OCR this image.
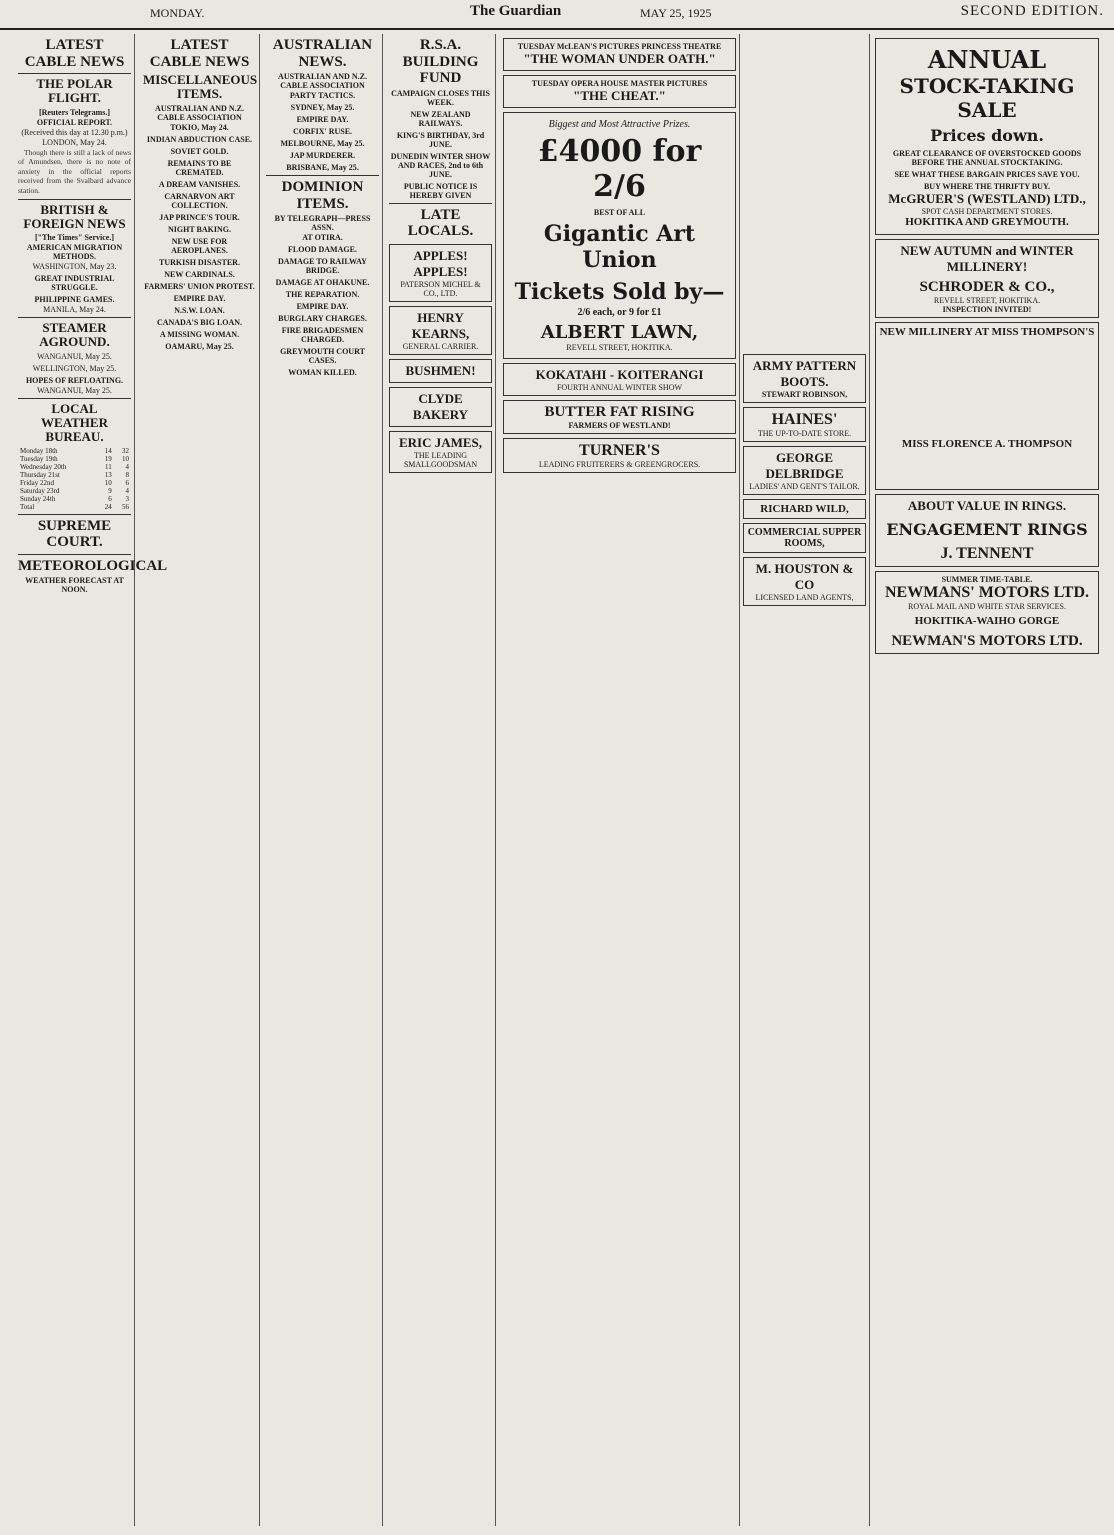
MONDAY.	The Guardian	MAY 25, 1925	SECOND EDITION.
LATEST CABLE NEWS
THE POLAR FLIGHT.
[Reuters Telegrams.]
OFFICIAL REPORT.
(Received this day at 12.30 p.m.)
LONDON, May 24.

Though there is still a lack of news of Amundsen, there is no note of anxiety in the official reports received from the Svalbard advance station.

BRITISH & FOREIGN NEWS
["The Times" Service.]
AMERICAN MIGRATION METHODS.
WASHINGTON, May 23.

GREAT INDUSTRIAL STRUGGLE.

PHILIPPINE GAMES.
MANILA, May 24.

STEAMER AGROUND.
WANGANUI, May 25.

WELLINGTON, May 25.

HOPES OF REFLOATING.
WANGANUI, May 25.

LOCAL WEATHER BUREAU.
Monday 18th	14	32
Tuesday 19th	19	10
Wednesday 20th	11	4
Thursday 21st	13	8
Friday 22nd	10	6
Saturday 23rd	9	4
Sunday 24th	6	3
Total	24	56
SUPREME COURT.

METEOROLOGICAL
WEATHER FORECAST AT NOON.

LATEST CABLE NEWS
MISCELLANEOUS ITEMS.
AUSTRALIAN AND N.Z. CABLE ASSOCIATION
TOKIO, May 24.

INDIAN ABDUCTION CASE.

SOVIET GOLD.

REMAINS TO BE CREMATED.

A DREAM VANISHES.

CARNARVON ART COLLECTION.

JAP PRINCE'S TOUR.

NIGHT BAKING.

NEW USE FOR AEROPLANES.

TURKISH DISASTER.

NEW CARDINALS.

FARMERS' UNION PROTEST.

EMPIRE DAY.

N.S.W. LOAN.

CANADA'S BIG LOAN.

A MISSING WOMAN.

OAMARU, May 25.

AUSTRALIAN NEWS.
AUSTRALIAN AND N.Z. CABLE ASSOCIATION
PARTY TACTICS.

SYDNEY, May 25.

EMPIRE DAY.

CORFIX' RUSE.

MELBOURNE, May 25.

JAP MURDERER.

BRISBANE, May 25.

DOMINION ITEMS.
BY TELEGRAPH—PRESS ASSN.
AT OTIRA.

FLOOD DAMAGE.

DAMAGE TO RAILWAY BRIDGE.

DAMAGE AT OHAKUNE.

THE REPARATION.

EMPIRE DAY.

BURGLARY CHARGES.

FIRE BRIGADESMEN CHARGED.

GREYMOUTH COURT CASES.

WOMAN KILLED.

R.S.A. BUILDING FUND
CAMPAIGN CLOSES THIS WEEK.

NEW ZEALAND RAILWAYS.

KING'S BIRTHDAY, 3rd JUNE.

DUNEDIN WINTER SHOW AND RACES, 2nd to 6th JUNE.

PUBLIC NOTICE IS HEREBY GIVEN

LATE LOCALS.

APPLES! APPLES!
PATERSON MICHEL & CO., LTD.
HENRY KEARNS,
GENERAL CARRIER.
BUSHMEN!
CLYDE BAKERY
ERIC JAMES,
THE LEADING SMALLGOODSMAN
TUESDAY McLEAN'S PICTURES PRINCESS THEATRE
"THE WOMAN UNDER OATH."
TUESDAY OPERA HOUSE MASTER PICTURES
"THE CHEAT."
Biggest and Most Attractive Prizes.
£4000 for 2/6
BEST OF ALL
Gigantic Art Union
Tickets Sold by—
2/6 each, or 9 for £1
ALBERT LAWN,
REVELL STREET, HOKITIKA.
KOKATAHI - KOITERANGI
FOURTH ANNUAL WINTER SHOW

BUTTER FAT RISING
FARMERS OF WESTLAND!

TURNER'S
LEADING FRUITERERS & GREENGROCERS.
ARMY PATTERN BOOTS.
STEWART ROBINSON,
HAINES'
THE UP-TO-DATE STORE.
GEORGE DELBRIDGE
LADIES' AND GENT'S TAILOR.
RICHARD WILD,
COMMERCIAL SUPPER ROOMS,
M. HOUSTON & CO
LICENSED LAND AGENTS,
ANNUAL
STOCK-TAKING SALE
Prices down.
GREAT CLEARANCE OF OVERSTOCKED GOODS BEFORE THE ANNUAL STOCKTAKING.
SEE WHAT THESE BARGAIN PRICES SAVE YOU.

BUY WHERE THE THRIFTY BUY.
McGRUER'S (WESTLAND) LTD.,
SPOT CASH DEPARTMENT STORES.
HOKITIKA AND GREYMOUTH.
NEW AUTUMN and WINTER MILLINERY!
SCHRODER & CO.,
REVELL STREET, HOKITIKA.
INSPECTION INVITED!
NEW MILLINERY AT MISS THOMPSON'S
MISS FLORENCE A. THOMPSON
ABOUT VALUE IN RINGS.
ENGAGEMENT RINGS
J. TENNENT
SUMMER TIME-TABLE.
NEWMANS' MOTORS LTD.
ROYAL MAIL AND WHITE STAR SERVICES.
HOKITIKA-WAIHO GORGE
NEWMAN'S MOTORS LTD.
